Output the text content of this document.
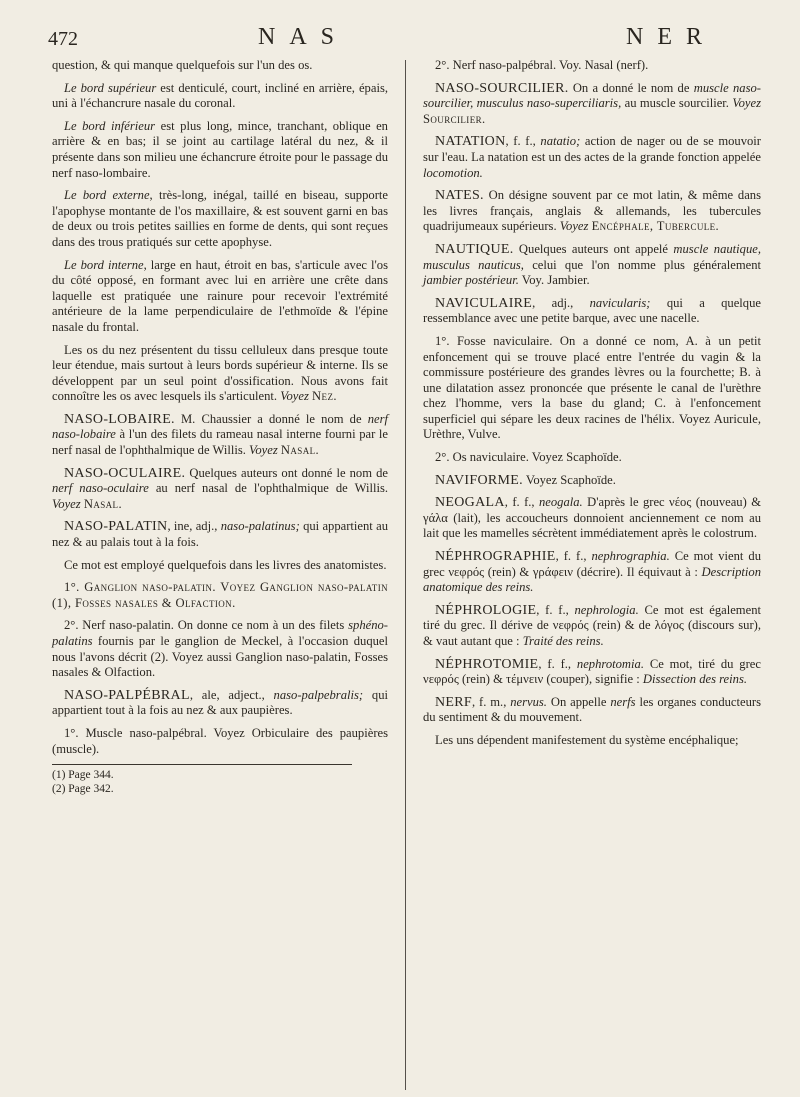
472	NAS	NER

question, & qui manque quelquefois sur l'un des os.

Le bord supérieur est denticulé, court, incliné en arrière, épais, uni à l'échancrure nasale du coronal.

Le bord inférieur est plus long, mince, tranchant, oblique en arrière & en bas; il se joint au cartilage latéral du nez, & il présente dans son milieu une échancrure étroite pour le passage du nerf naso-lombaire.

Le bord externe, très-long, inégal, taillé en biseau, supporte l'apophyse montante de l'os maxillaire, & est souvent garni en bas de deux ou trois petites saillies en forme de dents, qui sont reçues dans des trous pratiqués sur cette apophyse.

Le bord interne, large en haut, étroit en bas, s'articule avec l'os du côté opposé, en formant avec lui en arrière une crête dans laquelle est pratiquée une rainure pour recevoir l'extrémité antérieure de la lame perpendiculaire de l'ethmoïde & l'épine nasale du frontal.

Les os du nez présentent du tissu celluleux dans presque toute leur étendue, mais surtout à leurs bords supérieur & interne. Ils se développent par un seul point d'ossification. Nous avons fait connoître les os avec lesquels ils s'articulent. Voyez Nez.

NASO-LOBAIRE. M. Chaussier a donné le nom de nerf naso-lobaire à l'un des filets du rameau nasal interne fourni par le nerf nasal de l'ophthalmique de Willis. Voyez Nasal.

NASO-OCULAIRE. Quelques auteurs ont donné le nom de nerf naso-oculaire au nerf nasal de l'ophthalmique de Willis. Voyez Nasal.

NASO-PALATIN, ine, adj., naso-palatinus; qui appartient au nez & au palais tout à la fois.

Ce mot est employé quelquefois dans les livres des anatomistes.

1°. Ganglion naso-palatin. Voyez Ganglion naso-palatin (1), Fosses nasales & Olfaction.

2°. Nerf naso-palatin. On donne ce nom à un des filets sphéno-palatins fournis par le ganglion de Meckel, à l'occasion duquel nous l'avons décrit (2). Voyez aussi Ganglion naso-palatin, Fosses nasales & Olfaction.

NASO-PALPÉBRAL, ale, adject., naso-palpebralis; qui appartient tout à la fois au nez & aux paupières.

1°. Muscle naso-palpébral. Voyez Orbiculaire des paupières (muscle).

(1) Page 344.
(2) Page 342.

2°. Nerf naso-palpébral. Voy. Nasal (nerf).

NASO-SOURCILIER. On a donné le nom de muscle naso-sourcilier, musculus naso-superciliaris, au muscle sourcilier. Voyez Sourcilier.

NATATION, f. f., natatio; action de nager ou de se mouvoir sur l'eau. La natation est un des actes de la grande fonction appelée locomotion.

NATES. On désigne souvent par ce mot latin, & même dans les livres français, anglais & allemands, les tubercules quadrijumeaux supérieurs. Voyez Encéphale, Tubercule.

NAUTIQUE. Quelques auteurs ont appelé muscle nautique, musculus nauticus, celui que l'on nomme plus généralement jambier postérieur. Voy. Jambier.

NAVICULAIRE, adj., navicularis; qui a quelque ressemblance avec une petite barque, avec une nacelle.

1°. Fosse naviculaire. On a donné ce nom, A. à un petit enfoncement qui se trouve placé entre l'entrée du vagin & la commissure postérieure des grandes lèvres ou la fourchette; B. à une dilatation assez prononcée que présente le canal de l'urèthre chez l'homme, vers la base du gland; C. à l'enfoncement superficiel qui sépare les deux racines de l'hélix. Voyez Auricule, Urèthre, Vulve.

2°. Os naviculaire. Voyez Scaphoïde.

NAVIFORME. Voyez Scaphoïde.

NEOGALA, f. f., neogala. D'après le grec νέος (nouveau) & γάλα (lait), les accoucheurs donnoient anciennement ce nom au lait que les mamelles sécrètent immédiatement après le colostrum.

NÉPHROGRAPHIE, f. f., nephrographia. Ce mot vient du grec νεφρός (rein) & γράφειν (décrire). Il équivaut à : Description anatomique des reins.

NÉPHROLOGIE, f. f., nephrologia. Ce mot est également tiré du grec. Il dérive de νεφρός (rein) & de λόγος (discours sur), & vaut autant que : Traité des reins.

NÉPHROTOMIE, f. f., nephrotomia. Ce mot, tiré du grec νεφρός (rein) & τέμνειν (couper), signifie : Dissection des reins.

NERF, f. m., nervus. On appelle nerfs les organes conducteurs du sentiment & du mouvement.

Les uns dépendent manifestement du système encéphalique;
